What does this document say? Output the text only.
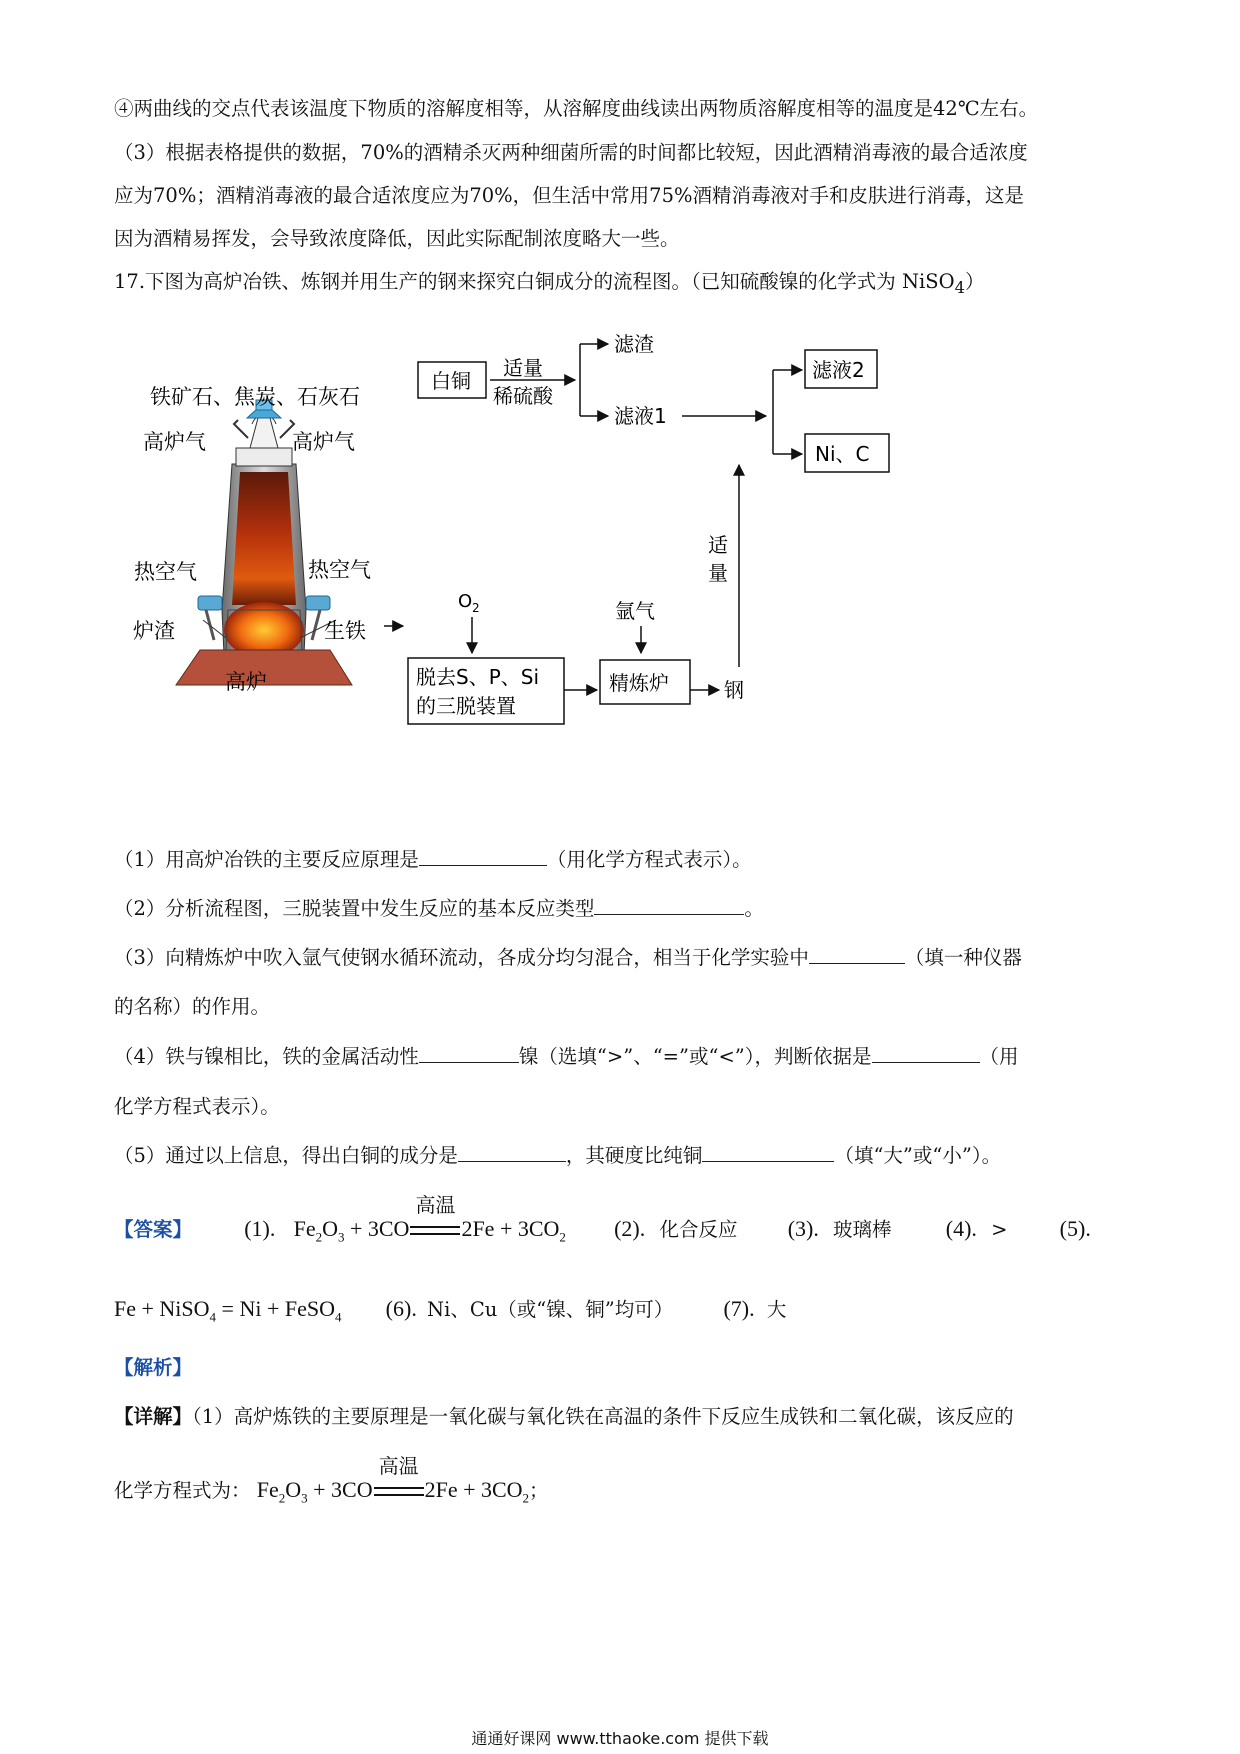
④两曲线的交点代表该温度下物质的溶解度相等，从溶解度曲线读出两物质溶解度相等的温度是42℃左右。
（3）根据表格提供的数据，70%的酒精杀灭两种细菌所需的时间都比较短，因此酒精消毒液的最合适浓度
应为70%；酒精消毒液的最合适浓度应为70%，但生活中常用75%酒精消毒液对手和皮肤进行消毒，这是
因为酒精易挥发，会导致浓度降低，因此实际配制浓度略大一些。
17.下图为高炉冶铁、炼钢并用生产的钢来探究白铜成分的流程图。（已知硫酸镍的化学式为 NiSO$_4$）
铁矿石、焦炭、石灰石
高炉气	高炉气
热空气	热空气
炉渣	生铁
高炉
O 2
脱去S、P、Si
的三脱装置
氩气
精炼炉	钢
适
量
白铜
适量
稀硫酸
滤渣
滤液1
滤液2
Ni、C
（1）用高炉冶铁的主要反应原理是	（用化学方程式表示）。
（2）分析流程图，三脱装置中发生反应的基本反应类型	。
（3）向精炼炉中吹入氩气使钢水循环流动，各成分均匀混合，相当于化学实验中	（填一种仪器
的名称）的作用。
（4）铁与镍相比，铁的金属活动性	镍（选填“>”、“=”或“<”），判断依据是	（用
化学方程式表示）。
（5）通过以上信息，得出白铜的成分是	，其硬度比纯铜	（填“大”或“小”）。
【答案】 (1). $Fe_2O_3 + 3CO$
高温
$2Fe + 3CO_2$ (2). 化合反应 (3). 玻璃棒 (4). > (5).
Fe + NiSO$_4$ = Ni + FeSO$_4$ (6). Ni、Cu（或“镍、铜”均可） (7). 大
【解析】
【详解】（1）高炉炼铁的主要原理是一氧化碳与氧化铁在高温的条件下反应生成铁和二氧化碳，该反应的
化学方程式为： $Fe_2O_3 + 3CO$
高温
$2Fe + 3CO_2$；
通通好课网 www.tthaoke.com 提供下载
